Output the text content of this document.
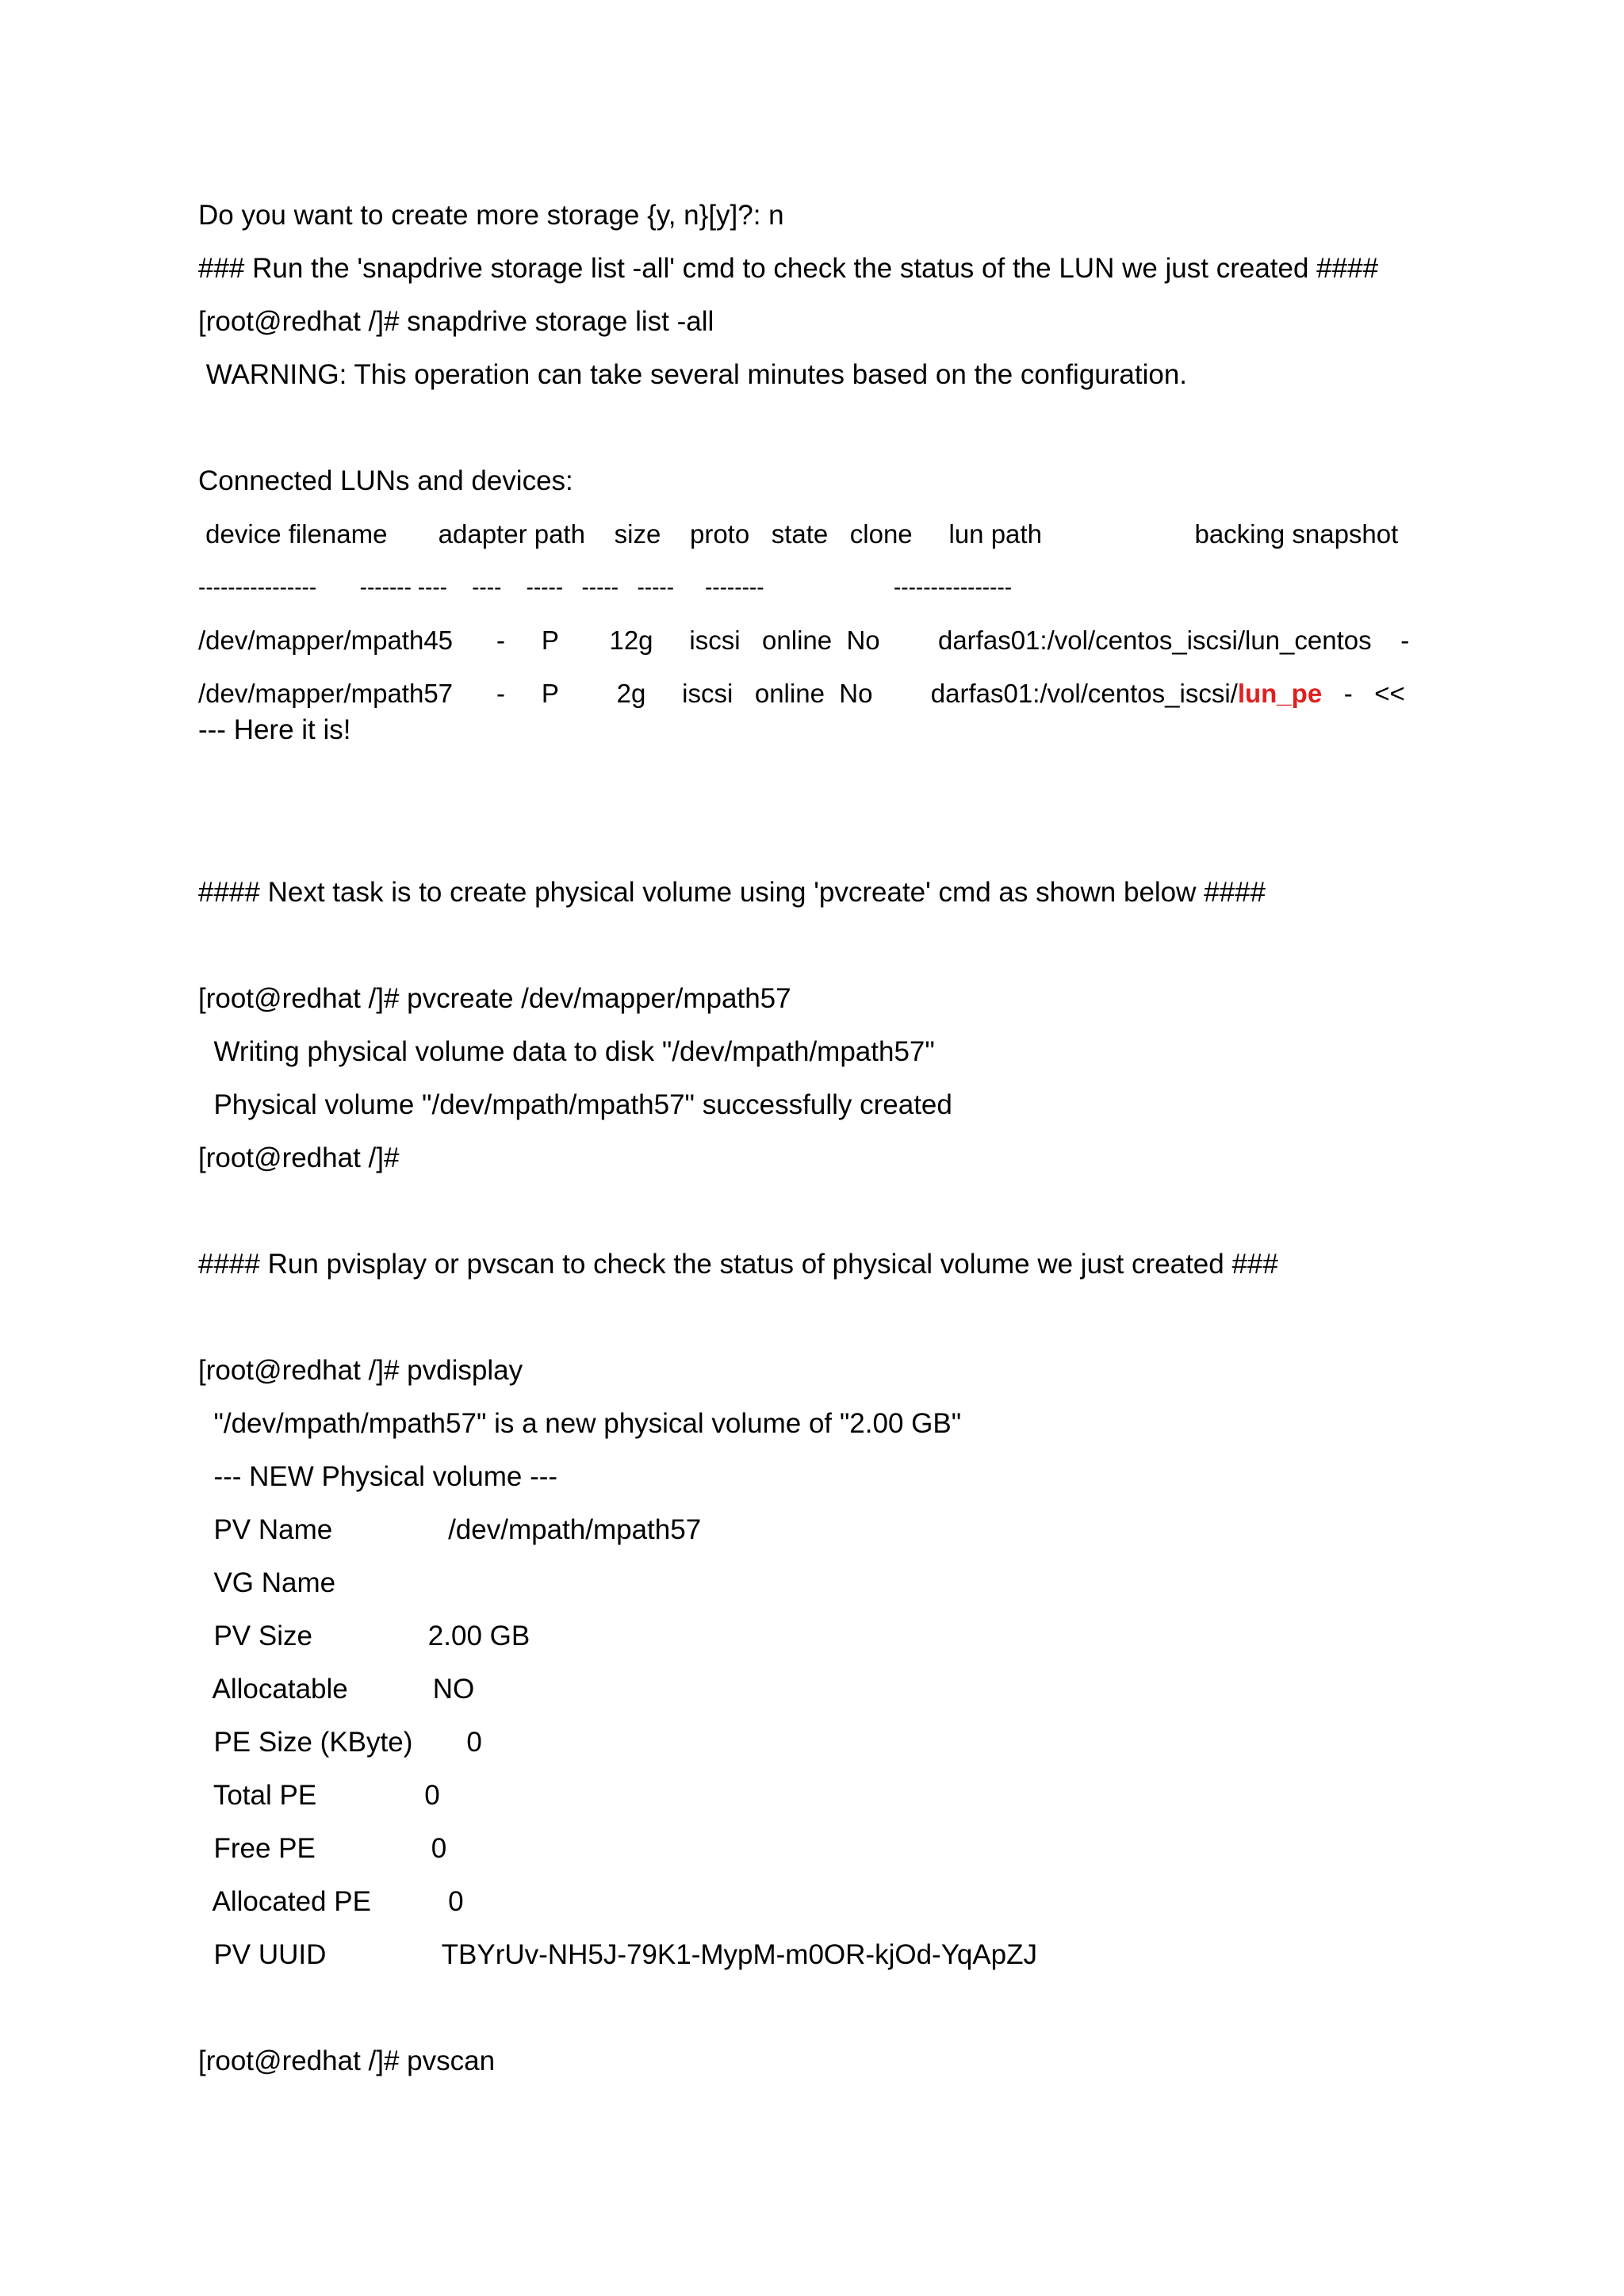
Do you want to create more storage {y, n}[y]?: n
### Run the 'snapdrive storage list -all' cmd to check the status of the LUN we just created ####
[root@redhat /]# snapdrive storage list -all
WARNING: This operation can take several minutes based on the configuration.
Connected LUNs and devices:
device filename       adapter path    size    proto   state   clone     lun path                     backing snapshot
----------------       ------- ----    ----    -----   -----   -----     --------                     ----------------
/dev/mapper/mpath45      -     P       12g     iscsi   online  No        darfas01:/vol/centos_iscsi/lun_centos    -
/dev/mapper/mpath57      -     P        2g     iscsi   online  No        darfas01:/vol/centos_iscsi/lun_pe   -   <<
--- Here it is!
#### Next task is to create physical volume using 'pvcreate' cmd as shown below ####
[root@redhat /]# pvcreate /dev/mapper/mpath57
Writing physical volume data to disk "/dev/mpath/mpath57"
Physical volume "/dev/mpath/mpath57" successfully created
[root@redhat /]#
#### Run pvisplay or pvscan to check the status of physical volume we just created ###
[root@redhat /]# pvdisplay
"/dev/mpath/mpath57" is a new physical volume of "2.00 GB"
--- NEW Physical volume ---
PV Name               /dev/mpath/mpath57
VG Name
PV Size               2.00 GB
Allocatable           NO
PE Size (KByte)       0
Total PE              0
Free PE               0
Allocated PE          0
PV UUID               TBYrUv-NH5J-79K1-MypM-m0OR-kjOd-YqApZJ
[root@redhat /]# pvscan
